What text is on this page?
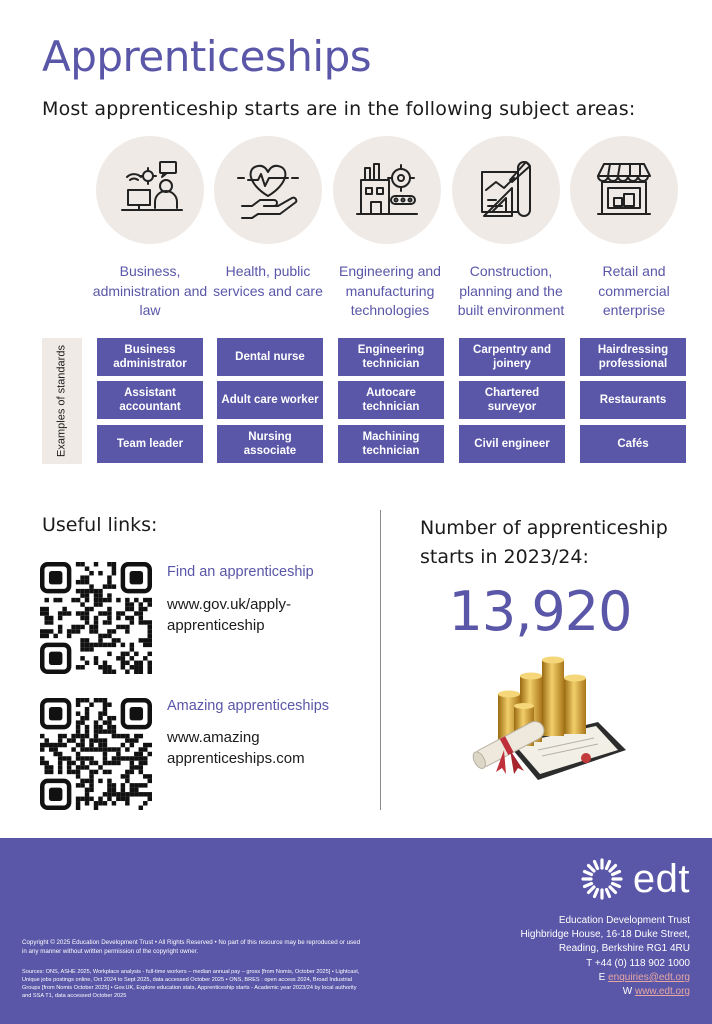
Apprenticeships
Most apprenticeship starts are in the following subject areas:
Business, administration and law
Health, public services and care
Engineering and manufacturing technologies
Construction, planning and the built environment
Retail and commercial enterprise
Examples of standards	Business administrator
Assistant accountant
Team leader
Dental nurse
Adult care worker
Nursing associate
Engineering technician
Autocare technician
Machining technician
Carpentry and joinery
Chartered surveyor
Civil engineer
Hairdressing professional
Restaurants
Cafés
Useful links:
Find an apprenticeship
www.gov.uk/apply-
apprenticeship
Amazing apprenticeships
www.amazing
apprenticeships.com
Number of apprenticeship starts in 2023/24:
13,920
edt
Education Development Trust
Highbridge House, 16-18 Duke Street,
Reading, Berkshire RG1 4RU
T +44 (0) 118 902 1000
E enquiries@edt.org
W www.edt.org
Copyright © 2025 Education Development Trust • All Rights Reserved • No part of this resource may be reproduced or used in any manner without written permission of the copyright owner.
Sources: ONS, ASHE 2025, Workplace analysis - full-time workers – median annual pay – gross [from Nomis, October 2025] • Lightcast, Unique jobs postings online, Oct 2024 to Sept 2025, data accessed October 2025 • ONS, BRES : open access 2024, Broad Industrial Groups [from Nomis October 2025] • Gov.UK, Explore education stats, Apprenticeship starts - Academic year 2023/24 by local authority and SSA T1, data accessed October 2025
